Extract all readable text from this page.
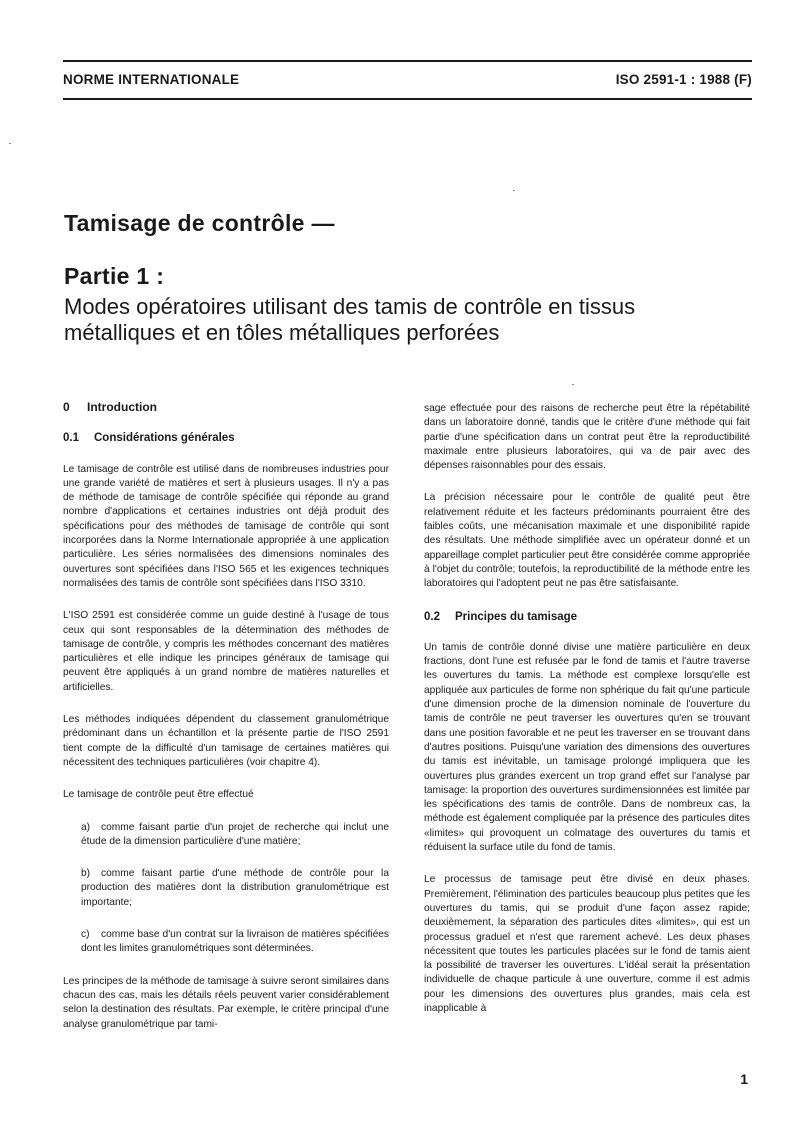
NORME INTERNATIONALE	ISO 2591-1 : 1988 (F)
Tamisage de contrôle —
Partie 1 :
Modes opératoires utilisant des tamis de contrôle en tissus
métalliques et en tôles métalliques perforées
0 Introduction
0.1 Considérations générales

Le tamisage de contrôle est utilisé dans de nombreuses industries pour une grande variété de matières et sert à plusieurs usages. Il n'y a pas de méthode de tamisage de contrôle spécifiée qui réponde au grand nombre d'applications et certaines industries ont déjà produit des spécifications pour des méthodes de tamisage de contrôle qui sont incorporées dans la Norme Internationale appropriée à une application particulière. Les séries normalisées des dimensions nominales des ouvertures sont spécifiées dans l'ISO 565 et les exigences techniques normalisées des tamis de contrôle sont spécifiées dans l'ISO 3310.

L'ISO 2591 est considérée comme un guide destiné à l'usage de tous ceux qui sont responsables de la détermination des méthodes de tamisage de contrôle, y compris les méthodes concernant des matières particulières et elle indique les principes généraux de tamisage qui peuvent être appliqués à un grand nombre de matières naturelles et artificielles.

Les méthodes indiquées dépendent du classement granulométrique prédominant dans un échantillon et la présente partie de l'ISO 2591 tient compte de la difficulté d'un tamisage de certaines matières qui nécessitent des techniques particulières (voir chapitre 4).

Le tamisage de contrôle peut être effectué

a) comme faisant partie d'un projet de recherche qui inclut une étude de la dimension particulière d'une matière;

b) comme faisant partie d'une méthode de contrôle pour la production des matières dont la distribution granulométrique est importante;

c) comme base d'un contrat sur la livraison de matières spécifiées dont les limites granulométriques sont déterminées.

Les principes de la méthode de tamisage à suivre seront similaires dans chacun des cas, mais les détails réels peuvent varier considérablement selon la destination des résultats. Par exemple, le critère principal d'une analyse granulométrique par tami-

sage effectuée pour des raisons de recherche peut être la répétabilité dans un laboratoire donné, tandis que le critère d'une méthode qui fait partie d'une spécification dans un contrat peut être la reproductibilité maximale entre plusieurs laboratoires, qui va de pair avec des dépenses raisonnables pour des essais.

La précision nécessaire pour le contrôle de qualité peut être relativement réduite et les facteurs prédominants pourraient être des faibles coûts, une mécanisation maximale et une disponibilité rapide des résultats. Une méthode simplifiée avec un opérateur donné et un appareillage complet particulier peut être considérée comme appropriée à l'objet du contrôle; toutefois, la reproductibilité de la méthode entre les laboratoires qui l'adoptent peut ne pas être satisfaisante.

0.2 Principes du tamisage

Un tamis de contrôle donné divise une matière particulière en deux fractions, dont l'une est refusée par le fond de tamis et l'autre traverse les ouvertures du tamis. La méthode est complexe lorsqu'elle est appliquée aux particules de forme non sphérique du fait qu'une particule d'une dimension proche de la dimension nominale de l'ouverture du tamis de contrôle ne peut traverser les ouvertures qu'en se trouvant dans une position favorable et ne peut les traverser en se trouvant dans d'autres positions. Puisqu'une variation des dimensions des ouvertures du tamis est inévitable, un tamisage prolongé impliquera que les ouvertures plus grandes exercent un trop grand effet sur l'analyse par tamisage: la proportion des ouvertures surdimensionnées est limitée par les spécifications des tamis de contrôle. Dans de nombreux cas, la méthode est également compliquée par la présence des particules dites «limites» qui provoquent un colmatage des ouvertures du tamis et réduisent la surface utile du fond de tamis.

Le processus de tamisage peut être divisé en deux phases. Premièrement, l'élimination des particules beaucoup plus petites que les ouvertures du tamis, qui se produit d'une façon assez rapide; deuxièmement, la séparation des particules dites «limites», qui est un processus graduel et n'est que rarement achevé. Les deux phases nécessitent que toutes les particules placées sur le fond de tamis aient la possibilité de traverser les ouvertures. L'idéal serait la présentation individuelle de chaque particule à une ouverture, comme il est admis pour les dimensions des ouvertures plus grandes, mais cela est inapplicable à

1
